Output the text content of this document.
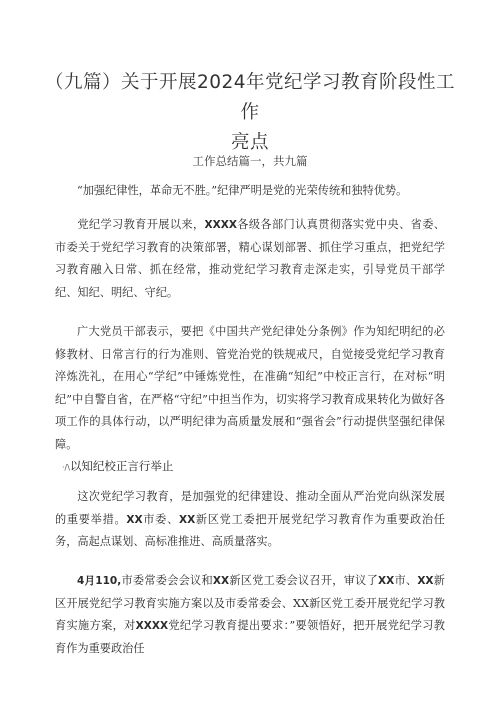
（九篇）关于开展2024年党纪学习教育阶段性工作
亮点
工作总结篇一，共九篇

“加强纪律性，革命无不胜。”纪律严明是党的光荣传统和独特优势。

党纪学习教育开展以来，XXXX各级各部门认真贯彻落实党中央、省委、市委关于党纪学习教育的决策部署，精心谋划部署、抓住学习重点，把党纪学习教育融入日常、抓在经常，推动党纪学习教育走深走实，引导党员干部学纪、知纪、明纪、守纪。

广大党员干部表示，要把《中国共产党纪律处分条例》作为知纪明纪的必修教材、日常言行的行为准则、管党治党的铁规戒尺，自觉接受党纪学习教育淬炼洗礼，在用心“学纪”中锤炼党性，在准确“知纪”中校正言行，在对标“明纪”中自警自省，在严格“守纪”中担当作为，切实将学习教育成果转化为做好各项工作的具体行动，以严明纪律为高质量发展和“强省会”行动提供坚强纪律保障。

·/\以知纪校正言行举止

这次党纪学习教育，是加强党的纪律建设、推动全面从严治党向纵深发展的重要举措。XX市委、XX新区党工委把开展党纪学习教育作为重要政治任务，高起点谋划、高标准推进、高质量落实。

4月110,市委常委会会议和XX新区党工委会议召开，审议了XX市、XX新区开展党纪学习教育实施方案以及市委常委会、XX新区党工委开展党纪学习教育实施方案，对XXXX党纪学习教育提出要求：”要领悟好，把开展党纪学习教育作为重要政治任
